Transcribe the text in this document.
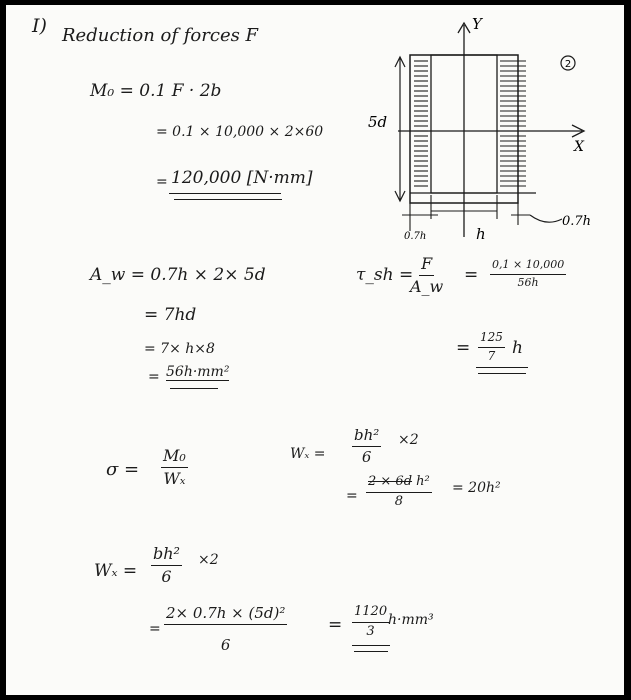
I) Reduction of forces F
M₀ = 0.1 F · 2b
= 0.1 × 10,000 × 2×60
= 120,000 [N·mm]
A_w = 0.7h × 2× 5d
= 7hd
= 7× h×8
= 56h·mm²
τ_sh =
$\frac{F}{A\_w} = \frac{0,1 \times 10,000}{56h}$
= $\frac{125}{7}$ h
$\sigma = \frac{\text{M₀}}{\text{Wₓ}}$	$W_x = \frac{\text{bh²}}{6} \times 2$
= $\frac{\text{2 × 6d h²}}{8} = 20h^2$
$W_x = \frac{\text{bh²}}{6} \times 2$
= $\frac{\text{2× 0.7h × (5d)²}}{6} = \frac{1120}{3}$
h·mm³
2
Y
X
5d
0.7h	h
0.7h
